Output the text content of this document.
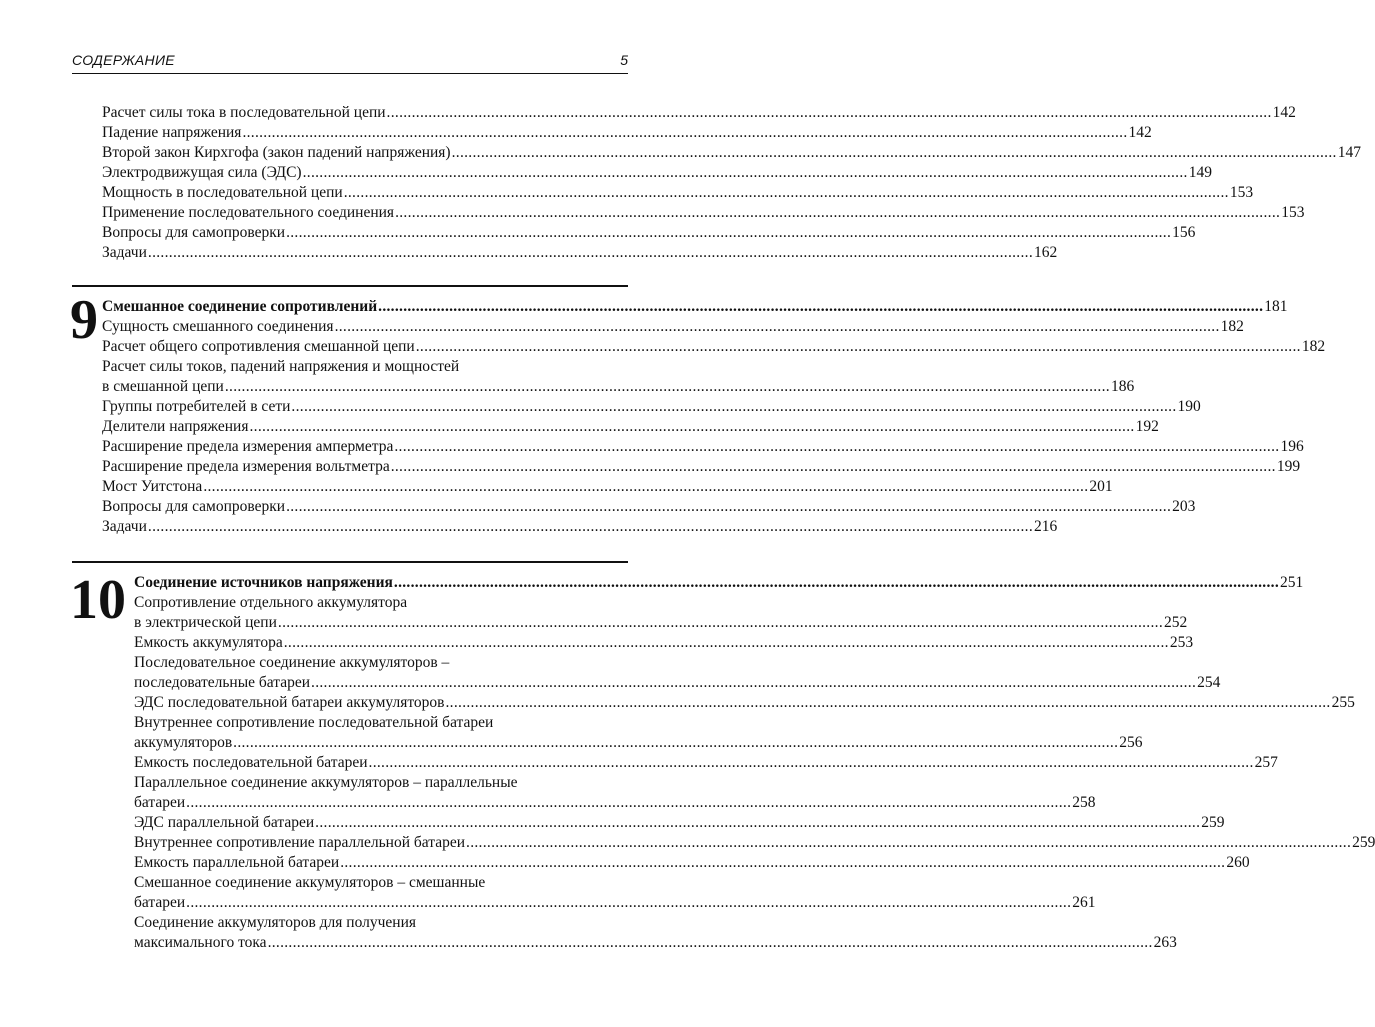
СОДЕРЖАНИЕ	5
Расчет силы тока в последовательной цепи .....	142
Падение напряжения .....	142
Второй закон Кирхгофа (закон падений напряжения) .....	147
Электродвижущая сила (ЭДС) .....	149
Мощность в последовательной цепи .....	153
Применение последовательного соединения .....	153
Вопросы для самопроверки .....	156
Задачи .....	162
9 Смешанное соединение сопротивлений .....	181
Сущность смешанного соединения .....	182
Расчет общего сопротивления смешанной цепи .....	182
Расчет силы токов, падений напряжения и мощностей
в смешанной цепи .....	186
Группы потребителей в сети .....	190
Делители напряжения .....	192
Расширение предела измерения амперметра .....	196
Расширение предела измерения вольтметра .....	199
Мост Уитстона .....	201
Вопросы для самопроверки .....	203
Задачи .....	216
10 Соединение источников напряжения .....	251
Сопротивление отдельного аккумулятора
в электрической цепи .....	252
Емкость аккумулятора .....	253
Последовательное соединение аккумуляторов –
последовательные батареи .....	254
ЭДС последовательной батареи аккумуляторов .....	255
Внутреннее сопротивление последовательной батареи
аккумуляторов .....	256
Емкость последовательной батареи .....	257
Параллельное соединение аккумуляторов – параллельные
батареи .....	258
ЭДС параллельной батареи .....	259
Внутреннее сопротивление параллельной батареи .....	259
Емкость параллельной батареи .....	260
Смешанное соединение аккумуляторов – смешанные
батареи .....	261
Соединение аккумуляторов для получения
максимального тока .....	263
